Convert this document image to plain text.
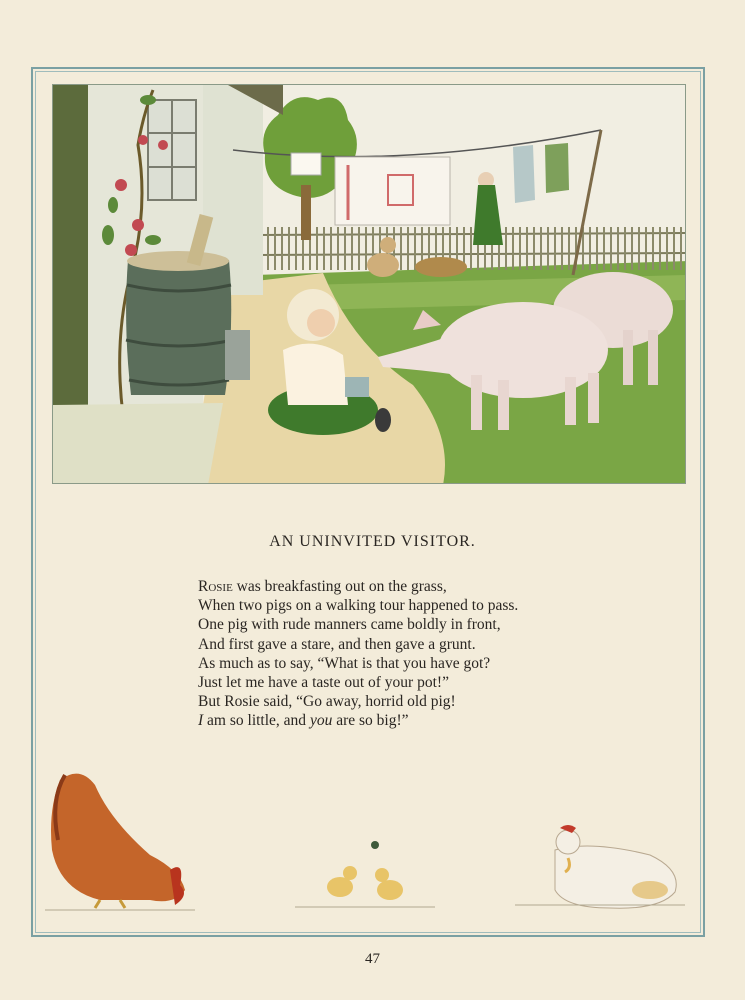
AN UNINVITED VISITOR.
Rosie was breakfasting out on the grass,
When two pigs on a walking tour happened to pass.
One pig with rude manners came boldly in front,
And first gave a stare, and then gave a grunt.
As much as to say, “What is that you have got?
Just let me have a taste out of your pot!”
But Rosie said, “Go away, horrid old pig!
I am so little, and you are so big!”
47
